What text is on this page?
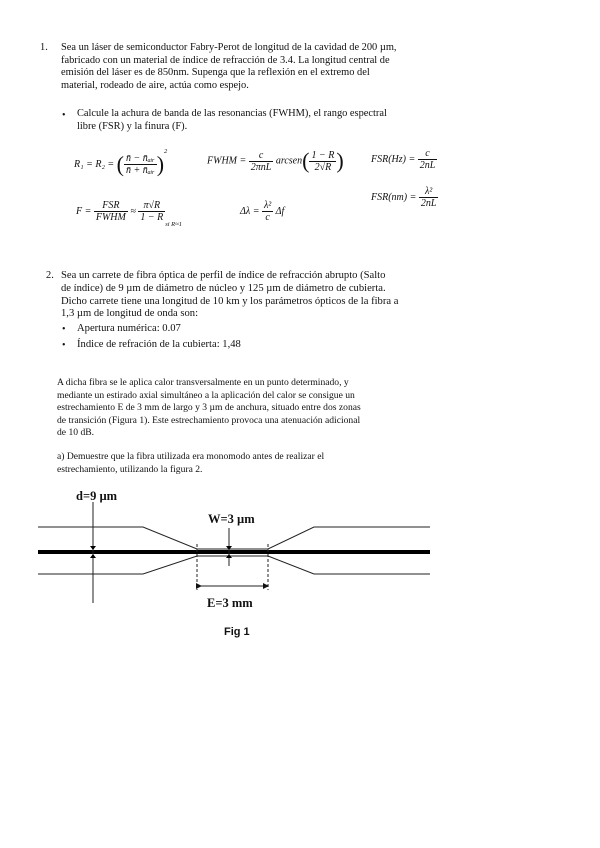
1. Sea un láser de semiconductor Fabry-Perot de longitud de la cavidad de 200 µm,
fabricado con un material de índice de refracción de 3.4. La longitud central de
emisión del láser es de 850nm. Supenga que la reflexión en el extremo del
material, rodeado de aire, actúa como espejo.
• Calcule la achura de banda de las resonancias (FWHM), el rango espectral
libre (FSR) y la finura (F).
R₁ = R₂ = ( $\frac{\text{n̄ − n̄ₐᵢᵣ}}{\text{n̄ + n̄ₐᵢᵣ}} )^2$
FWHM = $\frac{c}{\text{2πnL}}$ arcsen( $\frac{1 - R}{2√R}$ )	$FSR(Hz) = \frac{c}{2nL}$
$FSR(nm) = \frac{\text{λ²}}{2nL}$
$F = \frac{\text{FSR}}{\text{FWHM}} \approx \frac{\pi√R}{1 - R}$
$_{si R\approx 1}$
$\Delta\lambda = \frac{\text{λ²}}{c}$ Δf
2. Sea un carrete de fibra óptica de perfil de índice de refracción abrupto (Salto
de índice) de 9 µm de diámetro de núcleo y 125 µm de diámetro de cubierta.
Dicho carrete tiene una longitud de 10 km y los parámetros ópticos de la fibra a
1,3 µm de longitud de onda son:
• Apertura numérica: 0.07
• Índice de refración de la cubierta: 1,48
A dicha fibra se le aplica calor transversalmente en un punto determinado, y
mediante un estirado axial simultáneo a la aplicación del calor se consigue un
estrechamiento E de 3 mm de largo y 3 µm de anchura, situado entre dos zonas
de transición (Figura 1). Este estrechamiento provoca una atenuación adicional
de 10 dB.
a) Demuestre que la fibra utilizada era monomodo antes de realizar el
estrechamiento, utilizando la figura 2.
d=9 µm
W=3 µm
E=3 mm
Fig 1
